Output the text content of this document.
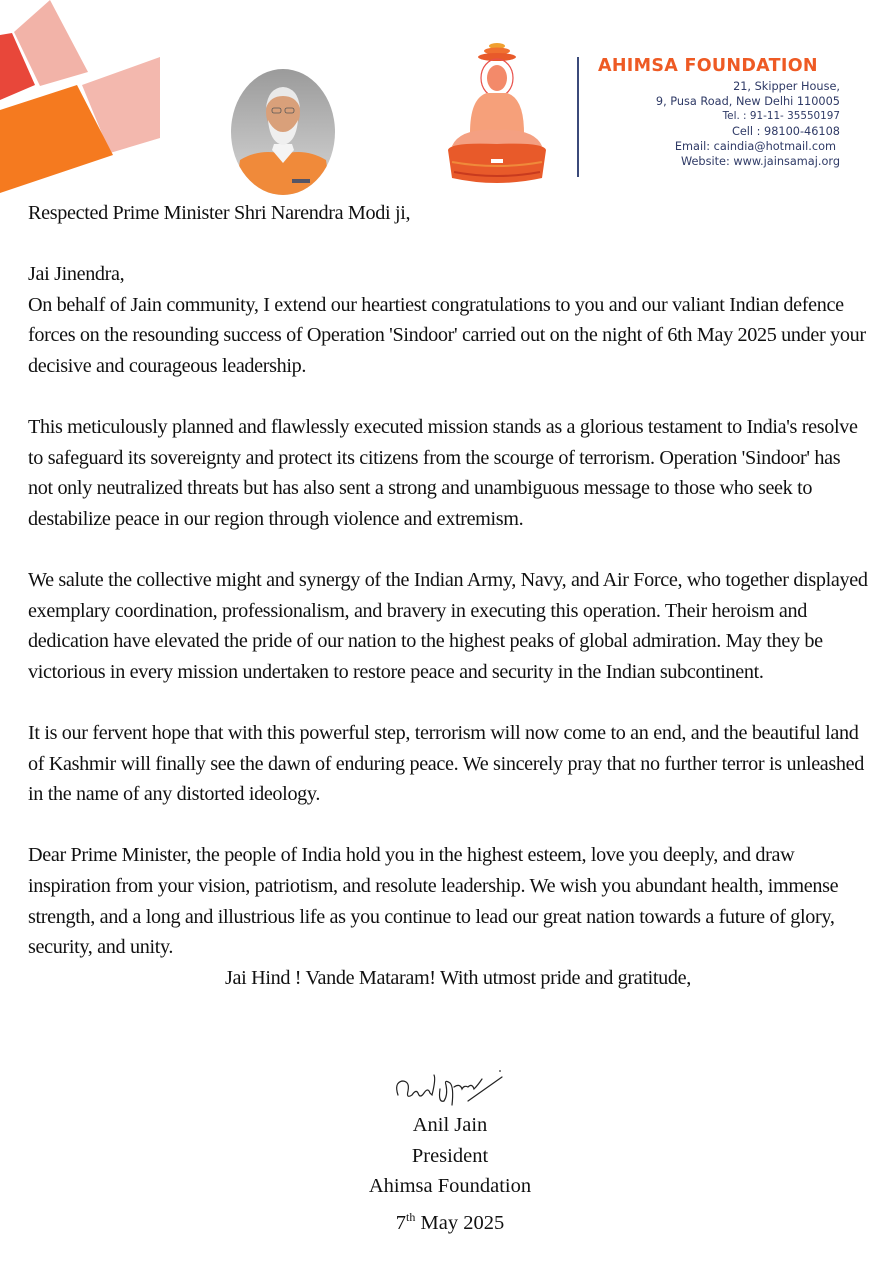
AHIMSA FOUNDATION
21, Skipper House,
9, Pusa Road, New Delhi 110005
Tel. : 91-11- 35550197
Cell : 98100-46108
Email: caindia@hotmail.com
Website: www.jainsamaj.org

Respected Prime Minister Shri Narendra Modi ji,

Jai Jinendra,

On behalf of Jain community, I extend our heartiest congratulations to you and our valiant Indian defence forces on the resounding success of Operation 'Sindoor' carried out on the night of 6th May 2025 under your decisive and courageous leadership.

This meticulously planned and flawlessly executed mission stands as a glorious testament to India's resolve to safeguard its sovereignty and protect its citizens from the scourge of terrorism. Operation 'Sindoor' has not only neutralized threats but has also sent a strong and unambiguous message to those who seek to destabilize peace in our region through violence and extremism.

We salute the collective might and synergy of the Indian Army, Navy, and Air Force, who together displayed exemplary coordination, professionalism, and bravery in executing this operation. Their heroism and dedication have elevated the pride of our nation to the highest peaks of global admiration. May they be victorious in every mission undertaken to restore peace and security in the Indian subcontinent.

It is our fervent hope that with this powerful step, terrorism will now come to an end, and the beautiful land of Kashmir will finally see the dawn of enduring peace. We sincerely pray that no further terror is unleashed in the name of any distorted ideology.

Dear Prime Minister, the people of India hold you in the highest esteem, love you deeply, and draw inspiration from your vision, patriotism, and resolute leadership. We wish you abundant health, immense strength, and a long and illustrious life as you continue to lead our great nation towards a future of glory, security, and unity.

Jai Hind ! Vande Mataram! With utmost pride and gratitude,

Anil Jain
President
Ahimsa Foundation
7th May 2025
